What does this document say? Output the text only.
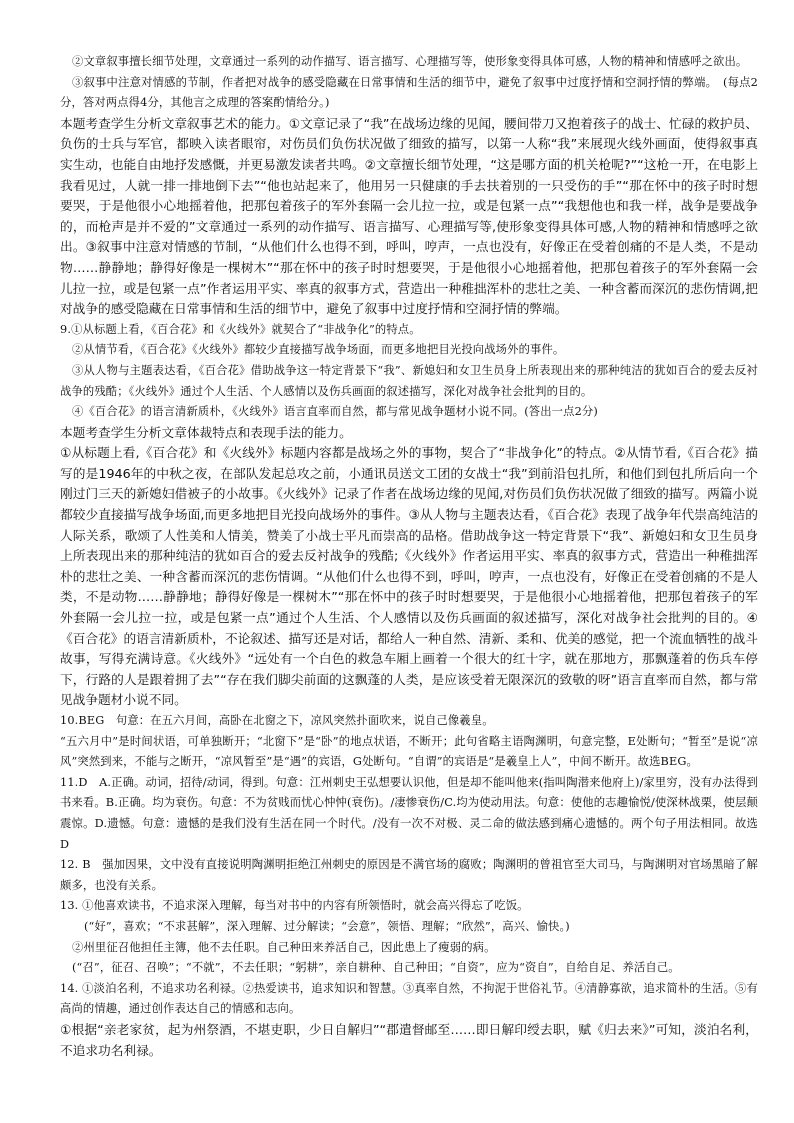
②文章叙事擅长细节处理，文章通过一系列的动作描写、语言描写、心理描写等，使形象变得具体可感，人物的精神和情感呼之欲出。

③叙事中注意对情感的节制，作者把对战争的感受隐藏在日常事情和生活的细节中，避免了叙事中过度抒情和空洞抒情的弊端。　(每点2分，答对两点得4分，其他言之成理的答案酌情给分。)

本题考查学生分析文章叙事艺术的能力。①文章记录了“我”在战场边缘的见闻，腰间带刀又抱着孩子的战士、忙碌的救护员、负伤的士兵与军官，都映入读者眼帘，对伤员们负伤状况做了细致的描写，以第一人称“我”来展现火线外画面，使得叙事真实生动，也能自由地抒发感慨，并更易激发读者共鸣。②文章擅长细节处理，“这是哪方面的机关枪呢?”“这枪一开，在电影上我看见过，人就一排一排地倒下去”“他也站起来了，他用另一只健康的手去扶着别的一只受伤的手”“那在怀中的孩子时时想要哭，于是他很小心地摇着他，把那包着孩子的军外套隔一会儿拉一拉，或是包紧一点”“我想他也和我一样，战争是要战争的，而枪声是并不爱的”文章通过一系列的动作描写、语言描写、心理描写等,使形象变得具体可感,人物的精神和情感呼之欲出。③叙事中注意对情感的节制，“从他们什么也得不到，呼叫，哼声，一点也没有，好像正在受着创痛的不是人类，不是动物……静静地；静得好像是一棵树木”“那在怀中的孩子时时想要哭，于是他很小心地摇着他，把那包着孩子的军外套隔一会儿拉一拉，或是包紧一点”作者运用平实、率真的叙事方式，营造出一种稚拙浑朴的悲壮之美、一种含蓄而深沉的悲伤情调,把对战争的感受隐藏在日常事情和生活的细节中，避免了叙事中过度抒情和空洞抒情的弊端。

9.①从标题上看，《百合花》和《火线外》就契合了“非战争化”的特点。

②从情节看，《百合花》《火线外》都较少直接描写战争场面，而更多地把目光投向战场外的事件。

③从人物与主题表达看，《百合花》借助战争这一特定背景下“我”、新媳妇和女卫生员身上所表现出来的那种纯洁的犹如百合的爱去反衬战争的残酷；《火线外》通过个人生活、个人感情以及伤兵画面的叙述描写，深化对战争社会批判的目的。

④《百合花》的语言清新质朴，《火线外》语言直率而自然，都与常见战争题材小说不同。(答出一点2分)

本题考查学生分析文章体裁特点和表现手法的能力。

①从标题上看,《百合花》和《火线外》标题内容都是战场之外的事物，契合了“非战争化”的特点。②从情节看,《百合花》描写的是1946年的中秋之夜，在部队发起总攻之前，小通讯员送文工团的女战士“我”到前沿包扎所，和他们到包扎所后向一个刚过门三天的新媳妇借被子的小故事。《火线外》记录了作者在战场边缘的见闻,对伤员们负伤状况做了细致的描写。两篇小说都较少直接描写战争场面,而更多地把目光投向战场外的事件。③从人物与主题表达看，《百合花》表现了战争年代崇高纯洁的人际关系，歌颂了人性美和人情美，赞美了小战士平凡而崇高的品格。借助战争这一特定背景下“我”、新媳妇和女卫生员身上所表现出来的那种纯洁的犹如百合的爱去反衬战争的残酷;《火线外》作者运用平实、率真的叙事方式，营造出一种稚拙浑朴的悲壮之美、一种含蓄而深沉的悲伤情调。“从他们什么也得不到，呼叫，哼声，一点也没有，好像正在受着创痛的不是人类，不是动物……静静地；静得好像是一棵树木”“那在怀中的孩子时时想要哭，于是他很小心地摇着他，把那包着孩子的军外套隔一会儿拉一拉，或是包紧一点”通过个人生活、个人感情以及伤兵画面的叙述描写，深化对战争社会批判的目的。④《百合花》的语言清新质朴，不论叙述、描写还是对话，都给人一种自然、清新、柔和、优美的感觉，把一个流血牺牲的战斗故事，写得充满诗意。《火线外》“远处有一个白色的救急车厢上画着一个很大的红十字，就在那地方，那飘蓬着的伤兵车停下，行路的人是跟着拥了去”“存在我们脚尖前面的这飘蓬的人类，是应该受着无限深沉的致敬的呀”语言直率而自然，都与常见战争题材小说不同。

10.BEG　句意：在五六月间，高卧在北窗之下，凉风突然扑面吹来，说自己像羲皇。

“五六月中”是时间状语，可单独断开；“北窗下”是“卧”的地点状语，不断开；此句省略主语陶渊明，句意完整，E处断句；“暂至”是说“凉风”突然到来，不能与之断开，“凉风暂至”是“遇”的宾语，G处断句。“自谓”的宾语是“是羲皇上人”，中间不断开。故选BEG。

11.D　A.正确。动词，招待/动词，得到。句意：江州刺史王弘想要认识他，但是却不能叫他来(指叫陶潜来他府上)/家里穷，没有办法得到书来看。B.正确。均为衰伤。句意：不为贫贱而忧心忡忡(衰伤)。/凄惨衰伤/C.均为使动用法。句意：使他的志趣愉悦/使深林战栗，使层颠震惊。D.遗憾。句意：遗憾的是我们没有生活在同一个时代。/没有一次不对极、灵二命的做法感到痛心遗憾的。两个句子用法相同。故选D

12. B　强加因果，文中没有直接说明陶渊明拒绝江州刺史的原因是不满官场的腐败；陶渊明的曾祖官至大司马，与陶渊明对官场黑暗了解颇多，也没有关系。

13. ①他喜欢读书，不追求深入理解，每当对书中的内容有所领悟时，就会高兴得忘了吃饭。

(“好”，喜欢；“不求甚解”，深入理解、过分解读；“会意”，领悟、理解；“欣然”，高兴、愉快。)

②州里征召他担任主簿，他不去任职。自己种田来养活自己，因此患上了瘦弱的病。

(“召”，征召、召唤”；“不就”，不去任职；“躬耕”，亲自耕种、自己种田；“自资”，应为“资自”，自给自足、养活自己。

14. ①淡泊名利，不追求功名利禄。②热爱读书，追求知识和智慧。③真率自然，不拘泥于世俗礼节。④清静寡欲，追求简朴的生活。⑤有高尚的情趣，通过创作表达自己的情感和志向。

①根据“亲老家贫，起为州祭酒，不堪吏职，少日自解归”“郡遣督邮至……即日解印绶去职，赋《归去来》”可知，淡泊名利，不追求功名利禄。
